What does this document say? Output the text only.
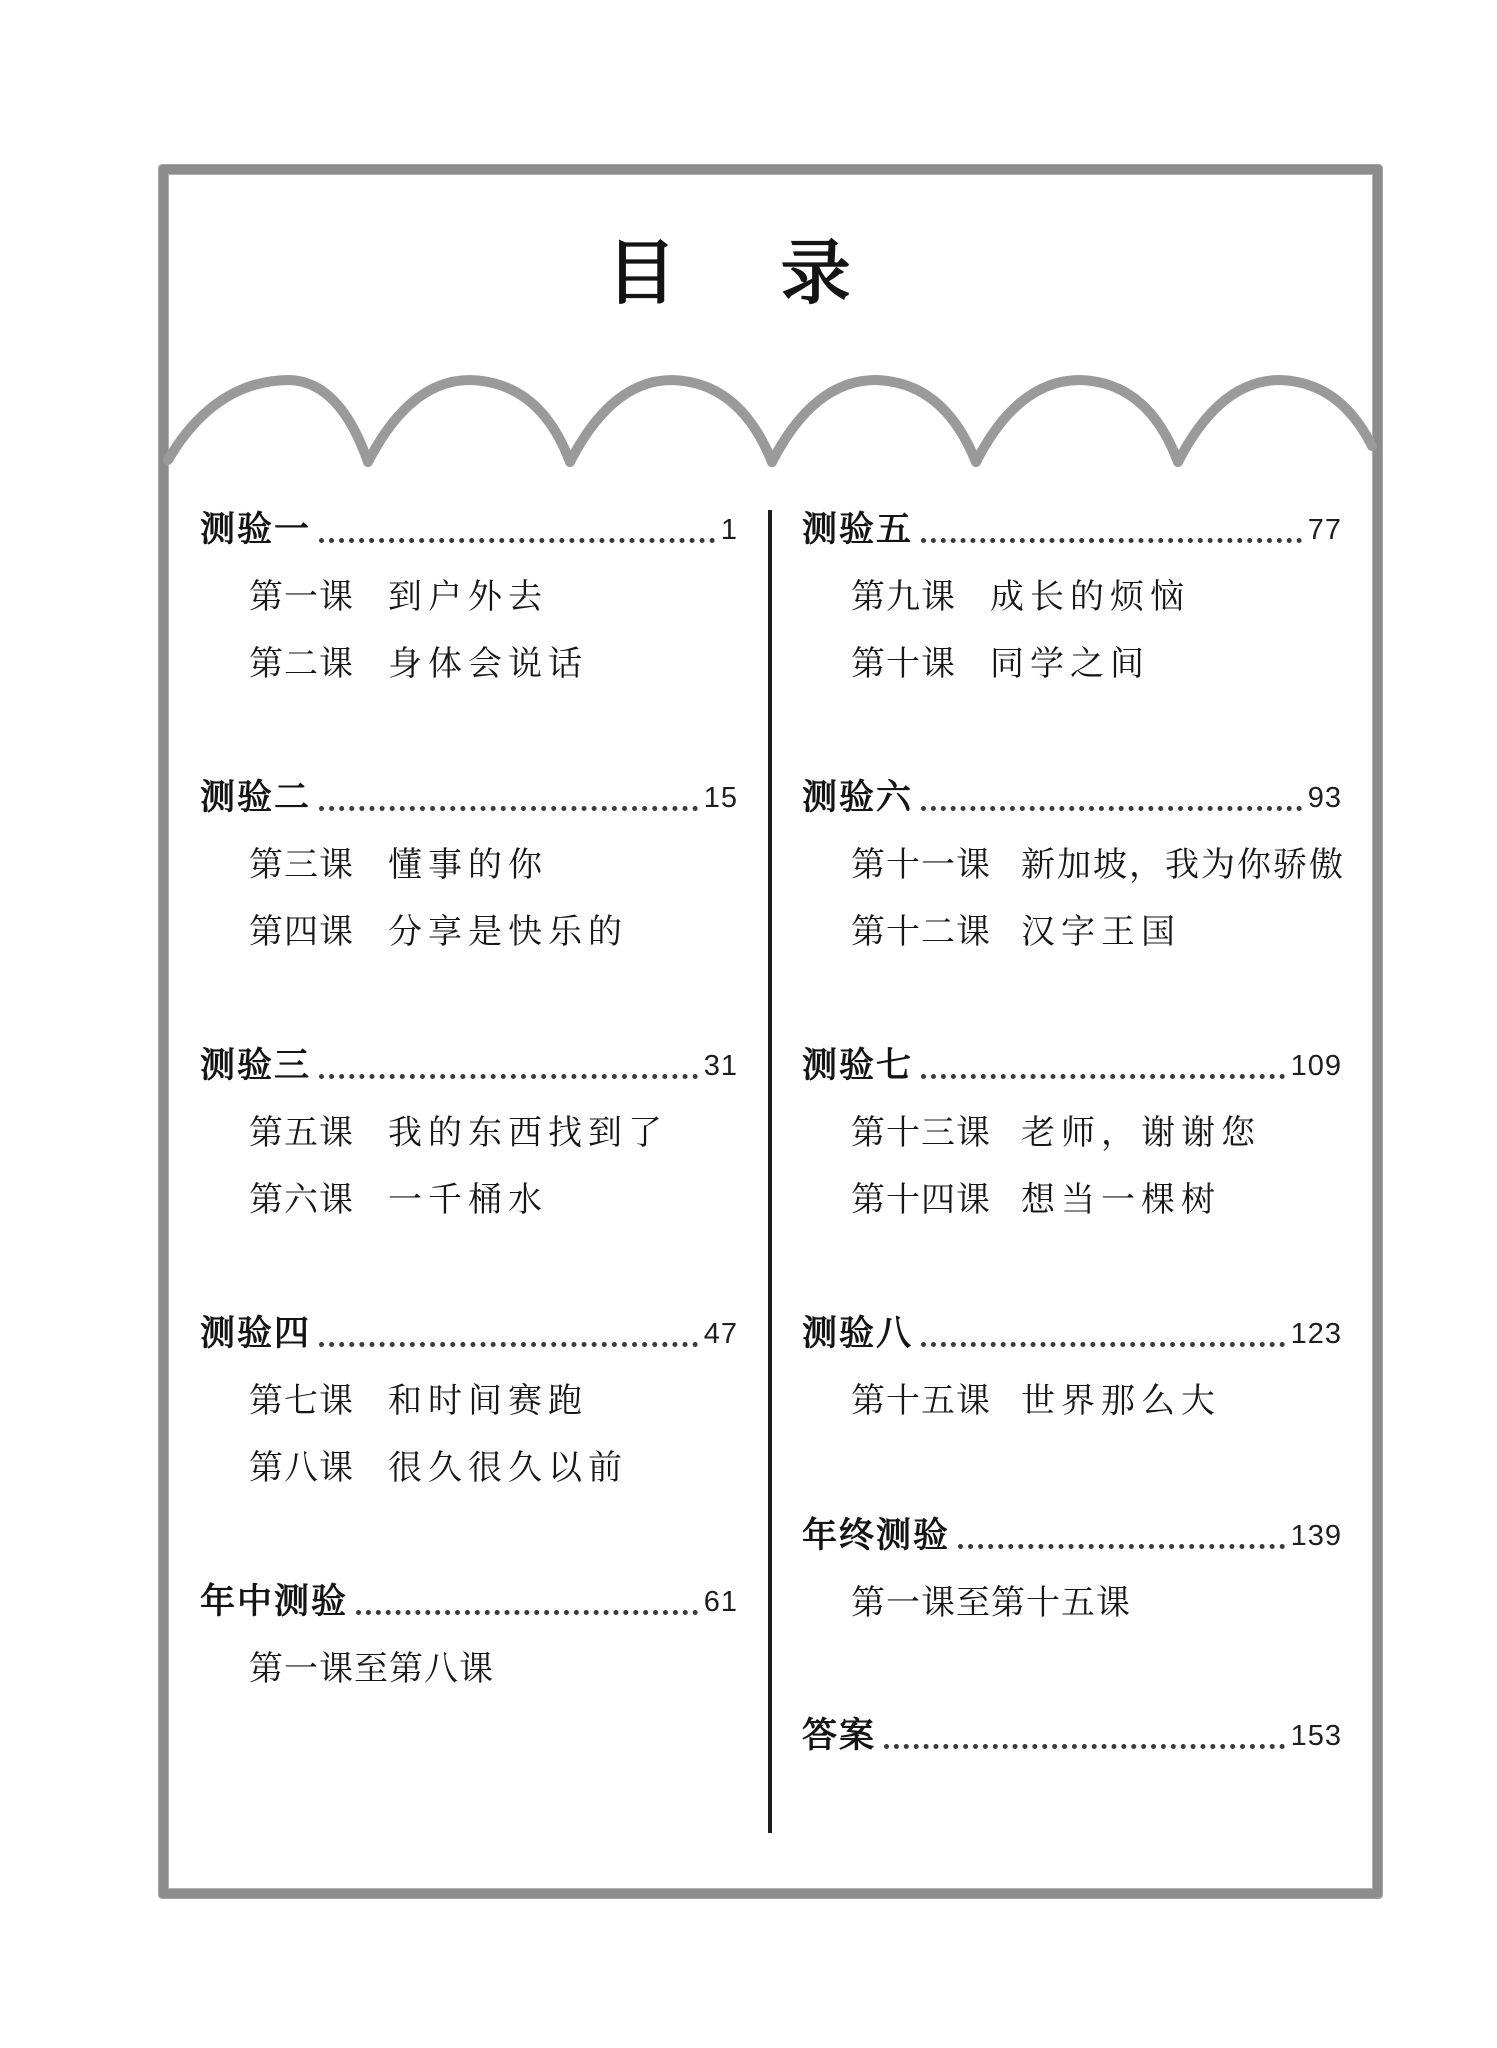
目 录
测验一	1
第一课 到户外去
第二课 身体会说话
测验二	15
第三课 懂事的你
第四课 分享是快乐的
测验三	31
第五课 我的东西找到了
第六课 一千桶水
测验四	47
第七课 和时间赛跑
第八课 很久很久以前
年中测验	61
第一课至第八课
测验五	77
第九课 成长的烦恼
第十课 同学之间
测验六	93
第十一课 新加坡，我为你骄傲
第十二课 汉字王国
测验七	109
第十三课 老师，谢谢您
第十四课 想当一棵树
测验八	123
第十五课 世界那么大
年终测验	139
第一课至第十五课
答案	153
